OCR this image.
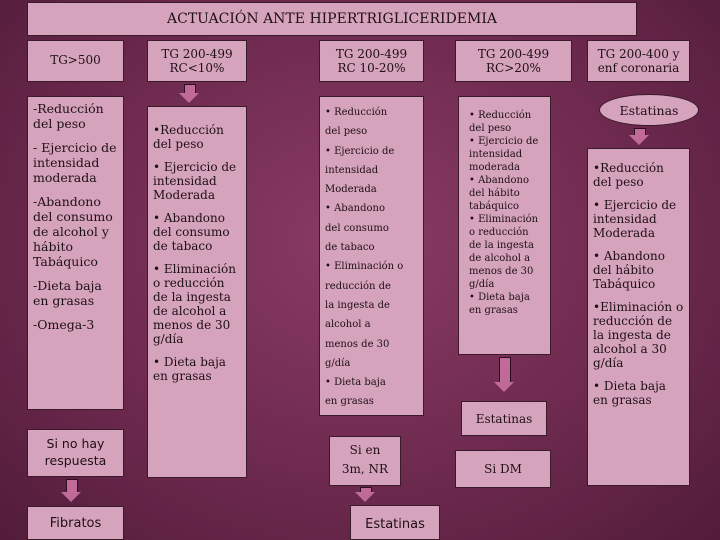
ACTUACIÓN ANTE HIPERTRIGLICERIDEMIA
TG>500
-Reducción del peso
- Ejercicio de intensidad moderada
-Abandono del consumo de alcohol y hábito Tabáquico
-Dieta baja en grasas
-Omega-3
Si no hay respuesta
Fibratos
TG 200-499
RC<10%
•Reducción del peso
• Ejercicio de intensidad Moderada
• Abandono del consumo de tabaco
• Eliminación o reducción de la ingesta de alcohol a menos de 30 g/día
• Dieta baja en grasas
TG 200-499
RC 10-20%
• Reducción
del peso
• Ejercicio de
intensidad
Moderada
• Abandono
del consumo
de tabaco
• Eliminación o
reducción de
la ingesta de
alcohol a
menos de 30
g/día
• Dieta baja
en grasas
Si en
3m, NR
Estatinas
TG 200-499
RC>20%
• Reducción
del peso
• Ejercicio de
intensidad
moderada
• Abandono
del hábito
tabáquico
• Eliminación
o reducción
de la ingesta
de alcohol a
menos de 30
g/día
• Dieta baja
en grasas
Estatinas
Si DM
TG 200-400 y
enf coronaria
Estatinas
•Reducción del peso
• Ejercicio de intensidad Moderada
• Abandono del hábito Tabáquico
•Eliminación o reducción de la ingesta de alcohol a 30 g/día
• Dieta baja en grasas
